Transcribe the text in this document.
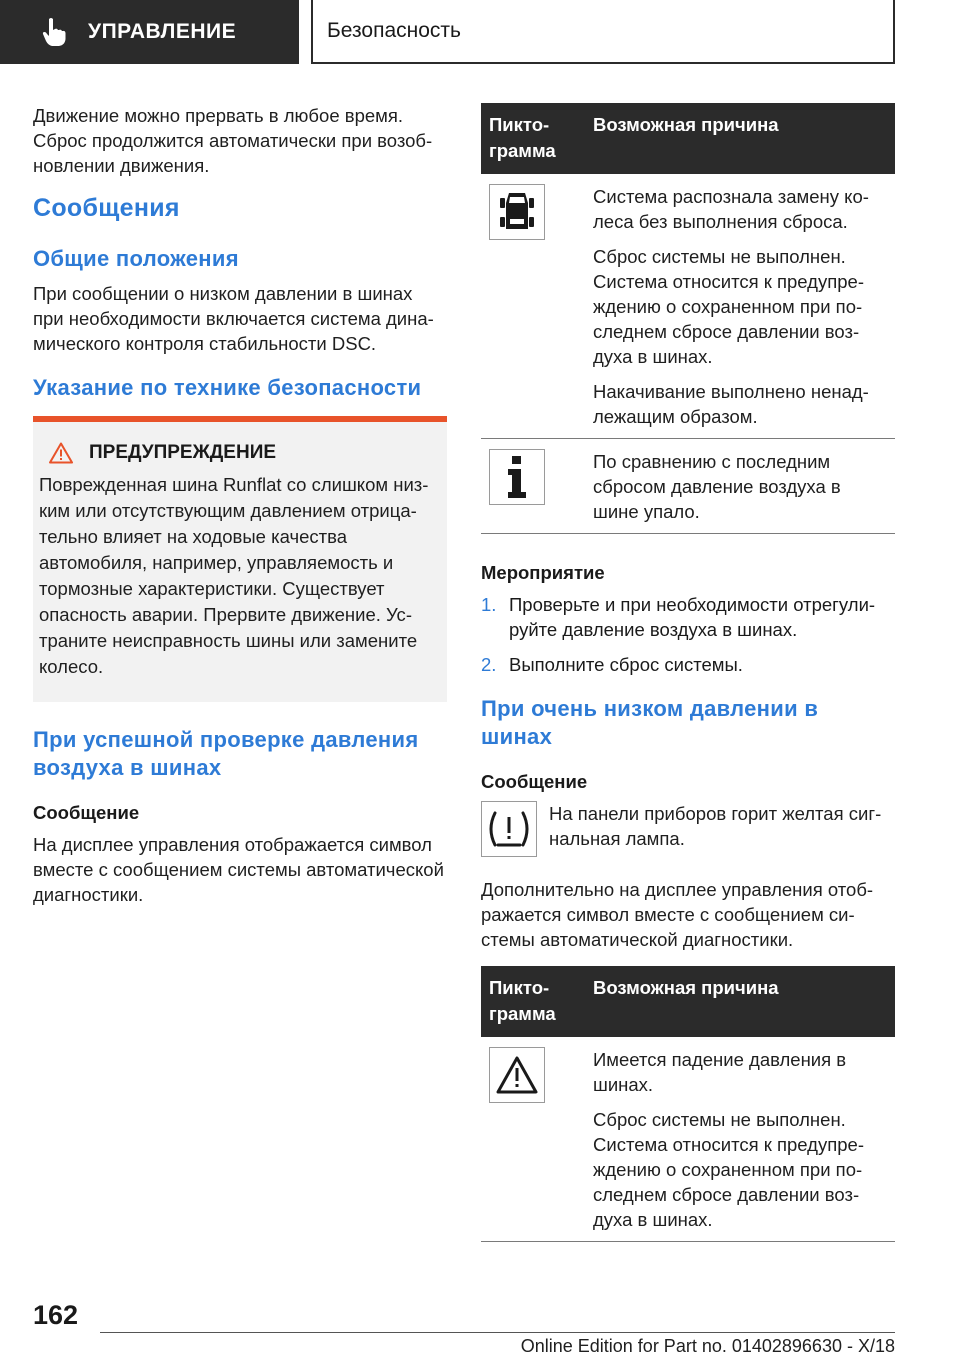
УПРАВЛЕНИЕ	Безопасность

Движение можно прервать в любое время. Сброс продолжится автоматически при возобновлении движения.

Сообщения
Общие положения

При сообщении о низком давлении в шинах при необходимости включается система динамического контроля стабильности DSC.

Указание по технике безопасности
ПРЕДУПРЕЖДЕНИЕ

Поврежденная шина Runflat со слишком низким или отсутствующим давлением отрицательно влияет на ходовые качества автомобиля, например, управляемость и тормозные характеристики. Существует опасность аварии. Прервите движение. Устраните неисправность шины или замените колесо.

При успешной проверке давления воздуха в шинах
Сообщение

На дисплее управления отображается символ вместе с сообщением системы автоматической диагностики.

Пиктограмма	Возможная причина

Система распознала замену колеса без выполнения сброса.

Сброс системы не выполнен. Система относится к предупреждению о сохраненном при последнем сбросе давлении воздуха в шинах.

Накачивание выполнено ненадлежащим образом.

По сравнению с последним сбросом давление воздуха в шине упало.

Мероприятие
1. Проверьте и при необходимости отрегулируйте давление воздуха в шинах.
2. Выполните сброс системы.
При очень низком давлении в шинах
Сообщение

На панели приборов горит желтая сигнальная лампа.

Дополнительно на дисплее управления отображается символ вместе с сообщением системы автоматической диагностики.

Пиктограмма	Возможная причина

Имеется падение давления в шинах.

Сброс системы не выполнен. Система относится к предупреждению о сохраненном при последнем сбросе давлении воздуха в шинах.

162
Online Edition for Part no. 01402896630 - X/18
